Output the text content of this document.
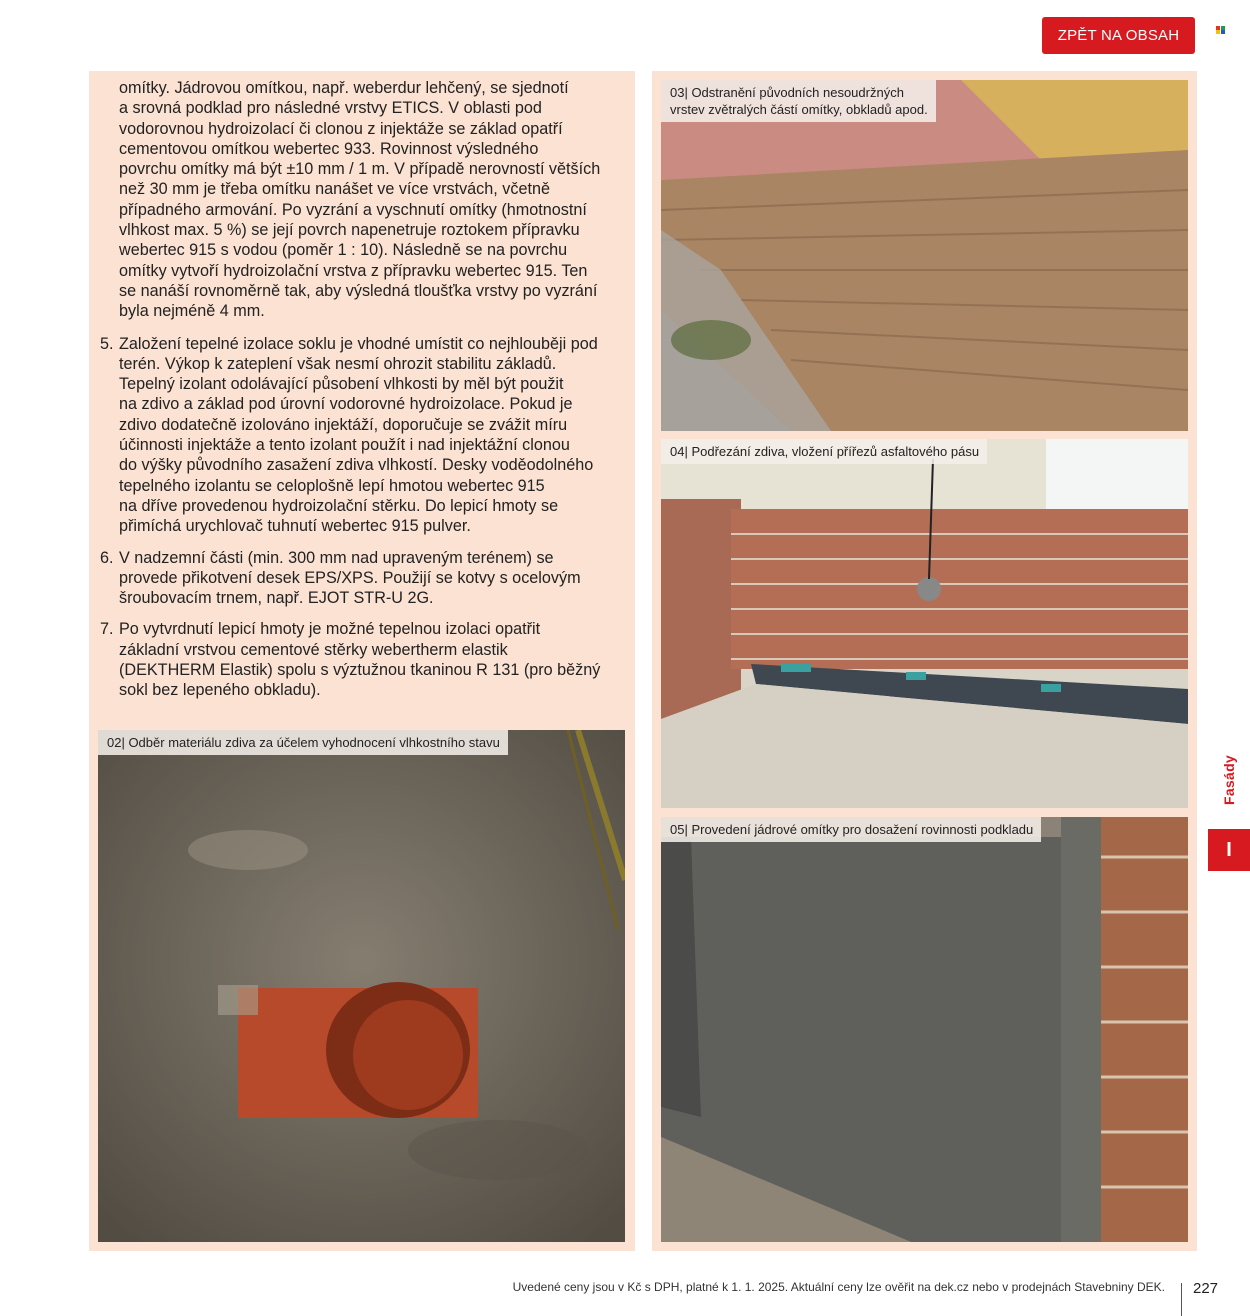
ZPĚT NA OBSAH

omítky. Jádrovou omítkou, např. weberdur lehčený, se sjednotí
a srovná podklad pro následné vrstvy ETICS. V oblasti pod
vodorovnou hydroizolací či clonou z injektáže se základ opatří
cementovou omítkou webertec 933. Rovinnost výsledného
povrchu omítky má být ±10 mm / 1 m. V případě nerovností větších
než 30 mm je třeba omítku nanášet ve více vrstvách, včetně
případného armování. Po vyzrání a vyschnutí omítky (hmotnostní
vlhkost max. 5 %) se její povrch napenetruje roztokem přípravku
webertec 915 s vodou (poměr 1 : 10). Následně se na povrchu
omítky vytvoří hydroizolační vrstva z přípravku webertec 915. Ten
se nanáší rovnoměrně tak, aby výsledná tloušťka vrstvy po vyzrání
byla nejméně 4 mm.

5. Založení tepelné izolace soklu je vhodné umístit co nejhlouběji pod
terén. Výkop k zateplení však nesmí ohrozit stabilitu základů.
Tepelný izolant odolávající působení vlhkosti by měl být použit
na zdivo a základ pod úrovní vodorovné hydroizolace. Pokud je
zdivo dodatečně izolováno injektáží, doporučuje se zvážit míru
účinnosti injektáže a tento izolant použít i nad injektážní clonou
do výšky původního zasažení zdiva vlhkostí. Desky voděodolného
tepelného izolantu se celoplošně lepí hmotou webertec 915
na dříve provedenou hydroizolační stěrku. Do lepicí hmoty se
přimíchá urychlovač tuhnutí webertec 915 pulver.
6. V nadzemní části (min. 300 mm nad upraveným terénem) se
provede přikotvení desek EPS/XPS. Použijí se kotvy s ocelovým
šroubovacím trnem, např. EJOT STR-U 2G.
7. Po vytvrdnutí lepicí hmoty je možné tepelnou izolaci opatřit
základní vrstvou cementové stěrky webertherm elastik
(DEKTHERM Elastik) spolu s výztužnou tkaninou R 131 (pro běžný
sokl bez lepeného obkladu).
02| Odběr materiálu zdiva za účelem vyhodnocení vlhkostního stavu
03| Odstranění původních nesoudržných
vrstev zvětralých částí omítky, obkladů apod.
04| Podřezání zdiva, vložení přířezů asfaltového pásu
05| Provedení jádrové omítky pro dosažení rovinnosti podkladu
Fasády
I
Uvedené ceny jsou v Kč s DPH, platné k 1. 1. 2025. Aktuální ceny lze ověřit na dek.cz nebo v prodejnách Stavebniny DEK. 227
